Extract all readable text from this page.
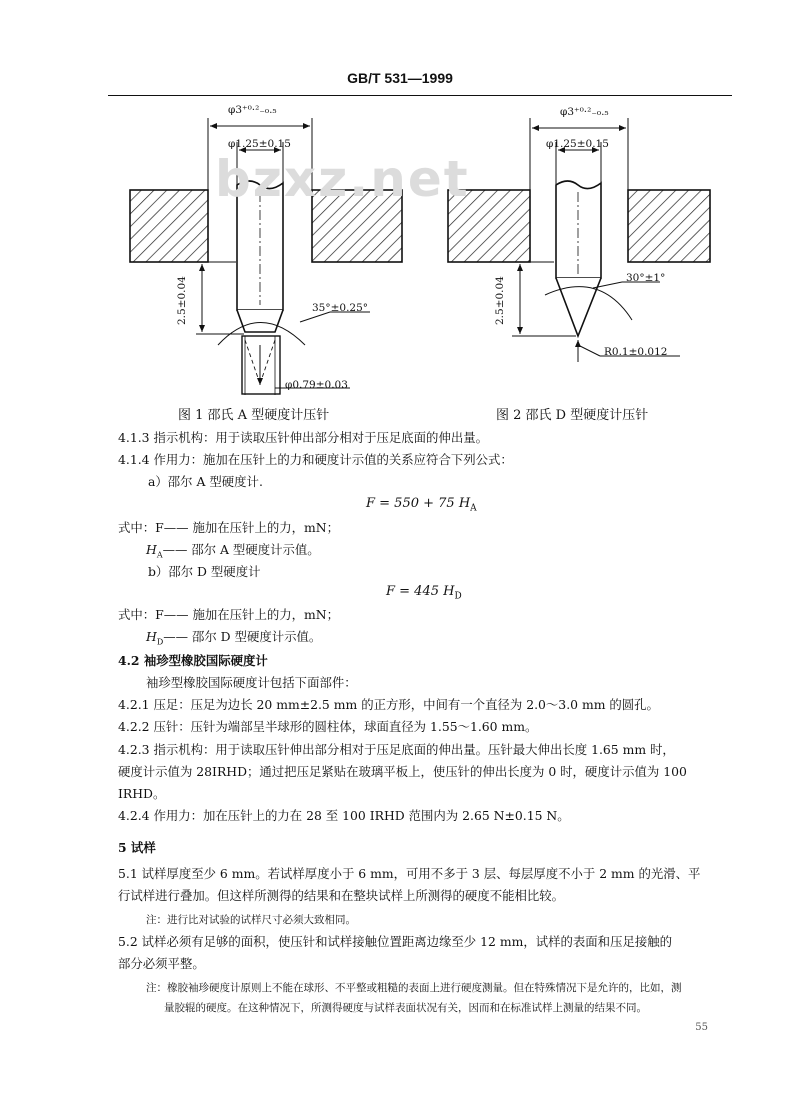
GB/T 531—1999
bzxz.net
φ3⁺⁰·²₋₀.₅
φ1.25±0.15
2.5±0.04	35°±0.25°
φ0.79±0.03
图 1 邵氏 A 型硬度计压针
φ3⁺⁰·²₋₀.₅
φ1.25±0.15
2.5±0.04	30°±1°
R0.1±0.012
图 2 邵氏 D 型硬度计压针
4.1.3 指示机构：用于读取压针伸出部分相对于压足底面的伸出量。
4.1.4 作用力：施加在压针上的力和硬度计示值的关系应符合下列公式：
a）邵尔 A 型硬度计.
F = 550 + 75 $H_A$
式中：F—— 施加在压针上的力，mN；
$H_A——$ 邵尔 A 型硬度计示值。
b）邵尔 D 型硬度计
F = 445 $H_D$
式中：F—— 施加在压针上的力，mN；
$H_D——$ 邵尔 D 型硬度计示值。
4.2 袖珍型橡胶国际硬度计
袖珍型橡胶国际硬度计包括下面部件：
4.2.1 压足：压足为边长 20 mm±2.5 mm 的正方形，中间有一个直径为 2.0～3.0 mm 的圆孔。
4.2.2 压针：压针为端部呈半球形的圆柱体，球面直径为 1.55～1.60 mm。
4.2.3 指示机构：用于读取压针伸出部分相对于压足底面的伸出量。压针最大伸出长度 1.65 mm 时，
硬度计示值为 28IRHD；通过把压足紧贴在玻璃平板上，使压针的伸出长度为 0 时，硬度计示值为 100
IRHD。
4.2.4 作用力：加在压针上的力在 28 至 100 IRHD 范围内为 2.65 N±0.15 N。
5 试样
5.1 试样厚度至少 6 mm。若试样厚度小于 6 mm，可用不多于 3 层、每层厚度不小于 2 mm 的光滑、平
行试样进行叠加。但这样所测得的结果和在整块试样上所测得的硬度不能相比较。
注：进行比对试验的试样尺寸必须大致相同。
5.2 试样必须有足够的面积，使压针和试样接触位置距离边缘至少 12 mm，试样的表面和压足接触的
部分必须平整。
注：橡胶袖珍硬度计原则上不能在球形、不平整或粗糙的表面上进行硬度测量。但在特殊情况下是允许的，比如，测
量胶辊的硬度。在这种情况下，所测得硬度与试样表面状况有关，因而和在标准试样上测量的结果不同。
55
